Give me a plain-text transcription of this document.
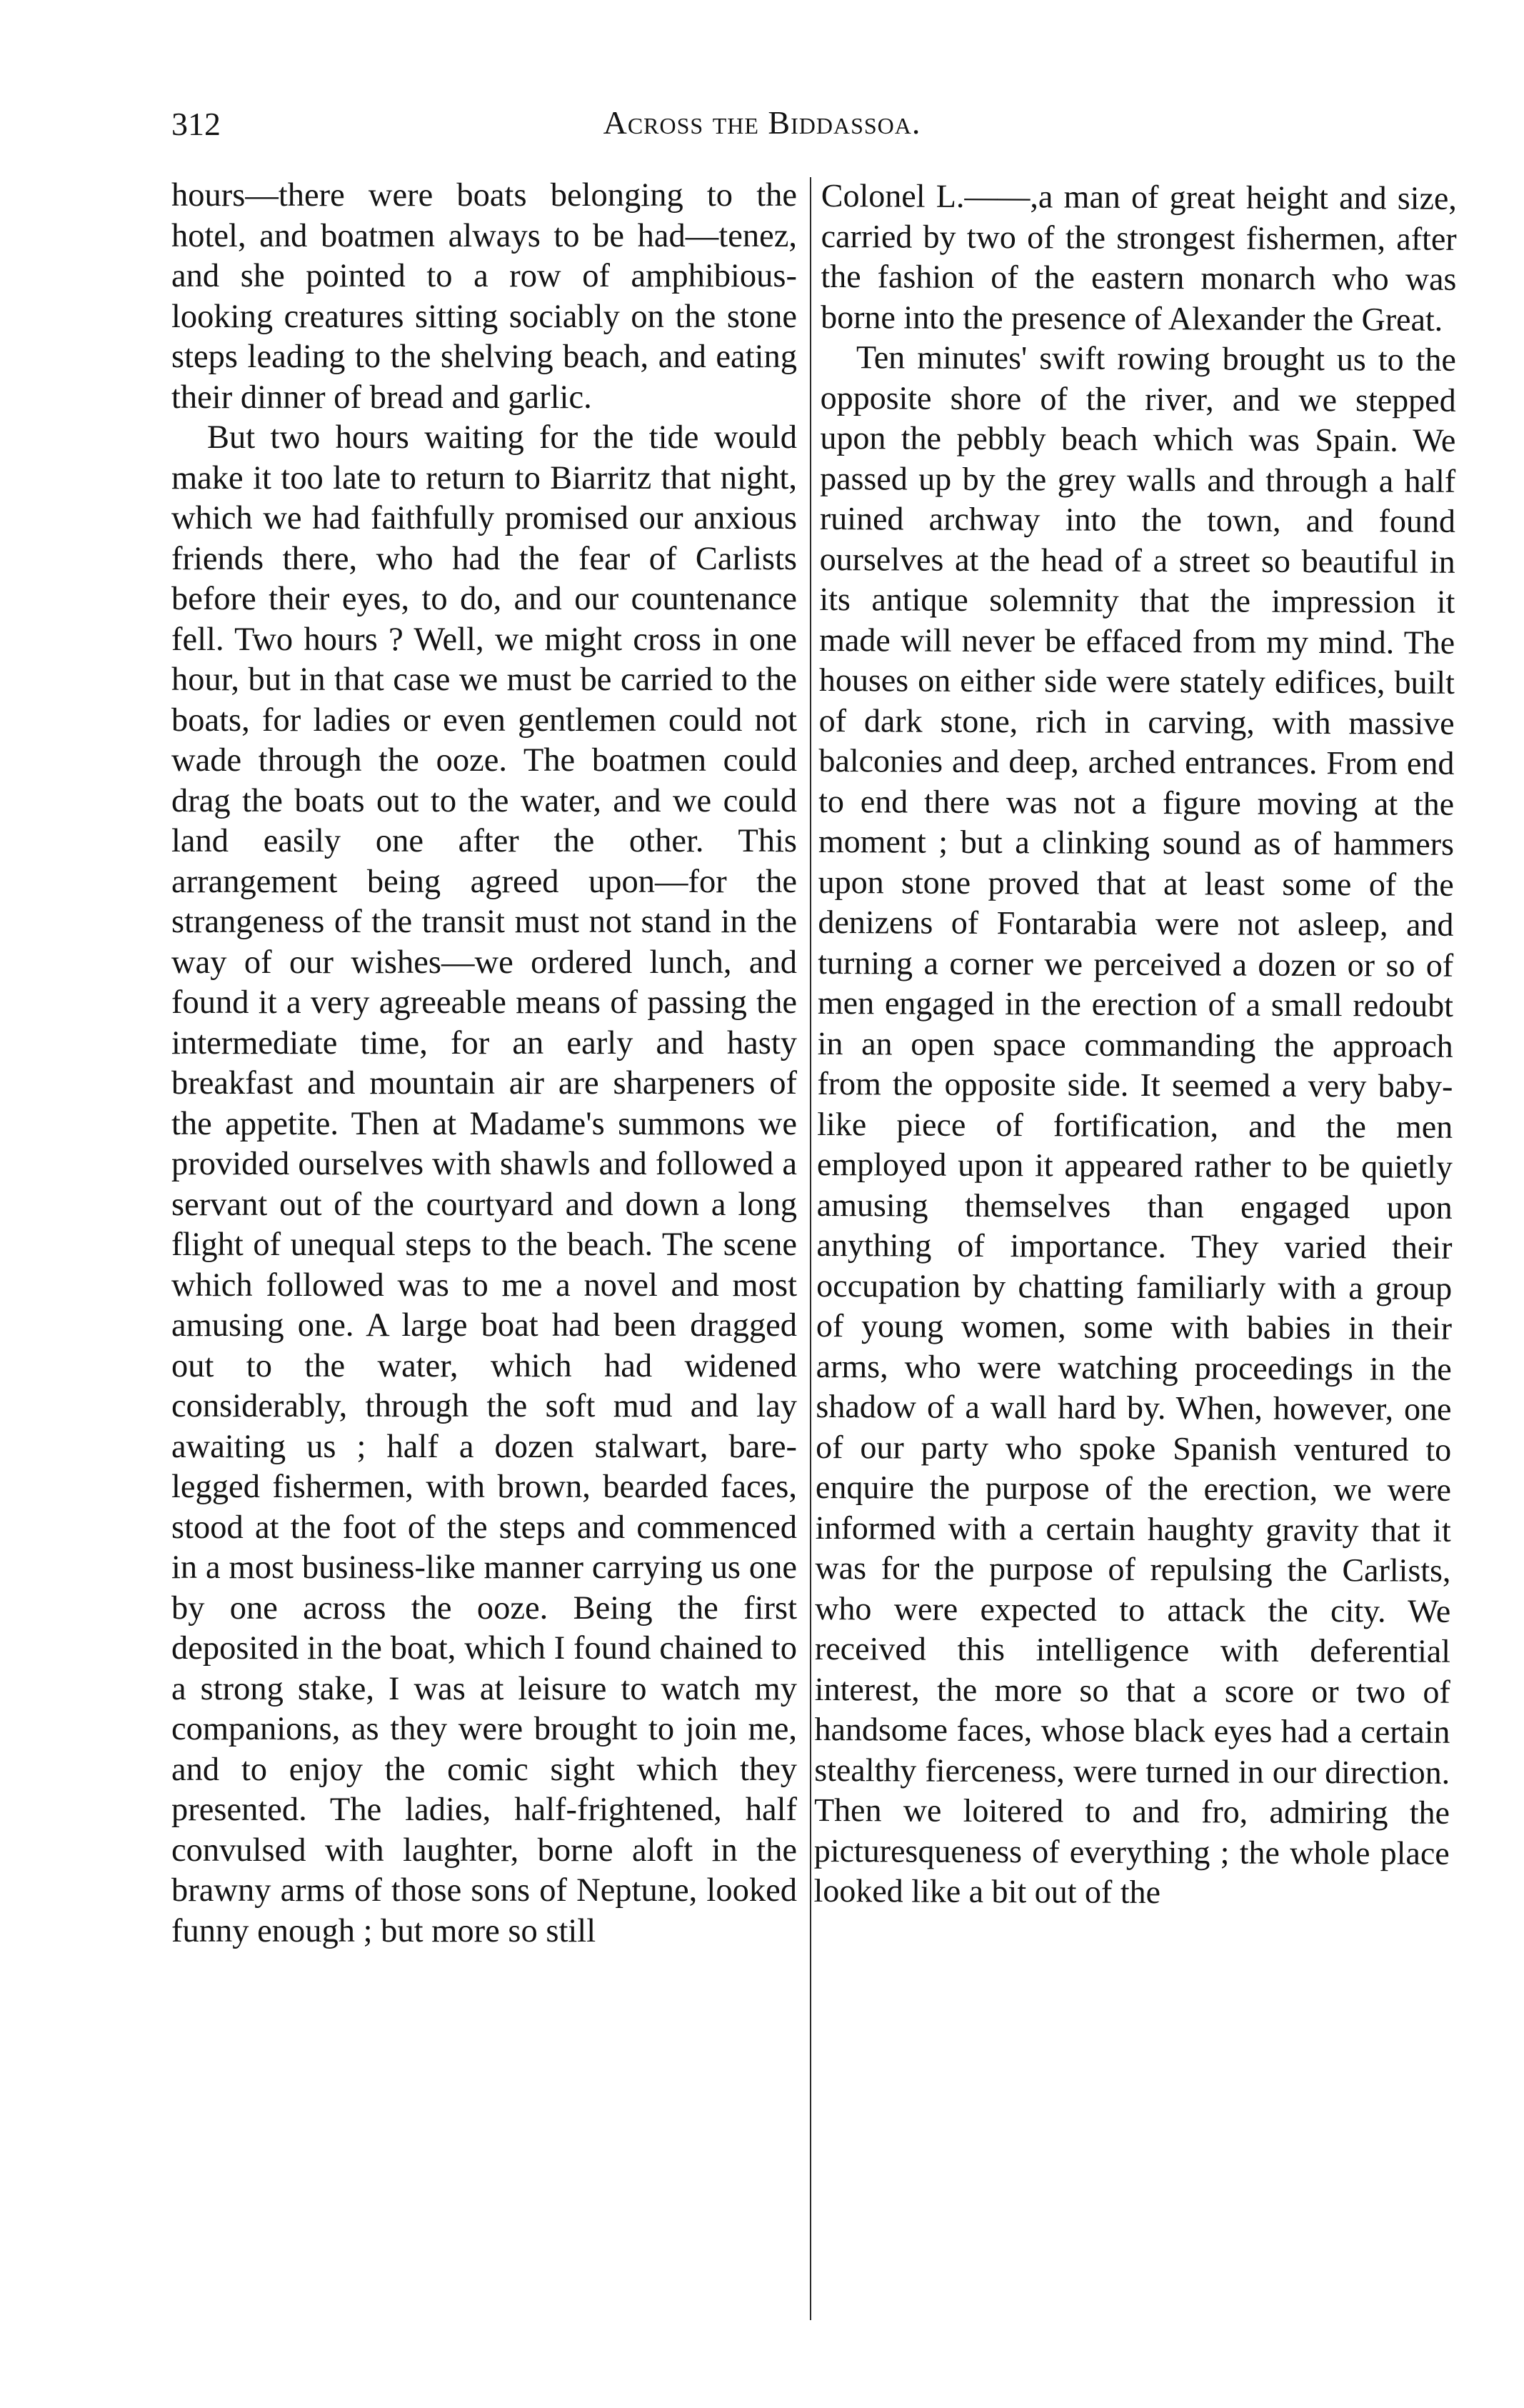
312	Across the Biddassoa.

hours—there were boats belonging to the hotel, and boatmen always to be had—tenez, and she pointed to a row of amphibious-looking creatures sitting sociably on the stone steps leading to the shelving beach, and eating their dinner of bread and garlic.

But two hours waiting for the tide would make it too late to return to Biarritz that night, which we had faithfully promised our anxious friends there, who had the fear of Carlists before their eyes, to do, and our countenance fell. Two hours ? Well, we might cross in one hour, but in that case we must be carried to the boats, for ladies or even gentlemen could not wade through the ooze. The boatmen could drag the boats out to the water, and we could land easily one after the other. This arrangement being agreed upon—for the strangeness of the transit must not stand in the way of our wishes—we ordered lunch, and found it a very agreeable means of passing the intermediate time, for an early and hasty breakfast and mountain air are sharpeners of the appetite. Then at Madame's summons we provided ourselves with shawls and followed a servant out of the courtyard and down a long flight of unequal steps to the beach. The scene which followed was to me a novel and most amusing one. A large boat had been dragged out to the water, which had widened considerably, through the soft mud and lay awaiting us ; half a dozen stalwart, bare-legged fishermen, with brown, bearded faces, stood at the foot of the steps and commenced in a most business-like manner carrying us one by one across the ooze. Being the first deposited in the boat, which I found chained to a strong stake, I was at leisure to watch my companions, as they were brought to join me, and to enjoy the comic sight which they presented. The ladies, half-frightened, half convulsed with laughter, borne aloft in the brawny arms of those sons of Neptune, looked funny enough ; but more so still

Colonel L.——,a man of great height and size, carried by two of the strongest fishermen, after the fashion of the eastern monarch who was borne into the presence of Alexander the Great.

Ten minutes' swift rowing brought us to the opposite shore of the river, and we stepped upon the pebbly beach which was Spain. We passed up by the grey walls and through a half ruined archway into the town, and found ourselves at the head of a street so beautiful in its antique solemnity that the impression it made will never be effaced from my mind. The houses on either side were stately edifices, built of dark stone, rich in carving, with massive balconies and deep, arched entrances. From end to end there was not a figure moving at the moment ; but a clinking sound as of hammers upon stone proved that at least some of the denizens of Fontarabia were not asleep, and turning a corner we perceived a dozen or so of men engaged in the erection of a small redoubt in an open space commanding the approach from the opposite side. It seemed a very baby-like piece of fortification, and the men employed upon it appeared rather to be quietly amusing themselves than engaged upon anything of importance. They varied their occupation by chatting familiarly with a group of young women, some with babies in their arms, who were watching proceedings in the shadow of a wall hard by. When, however, one of our party who spoke Spanish ventured to enquire the purpose of the erection, we were informed with a certain haughty gravity that it was for the purpose of repulsing the Carlists, who were expected to attack the city. We received this intelligence with deferential interest, the more so that a score or two of handsome faces, whose black eyes had a certain stealthy fierceness, were turned in our direction. Then we loitered to and fro, admiring the picturesqueness of everything ; the whole place looked like a bit out of the
